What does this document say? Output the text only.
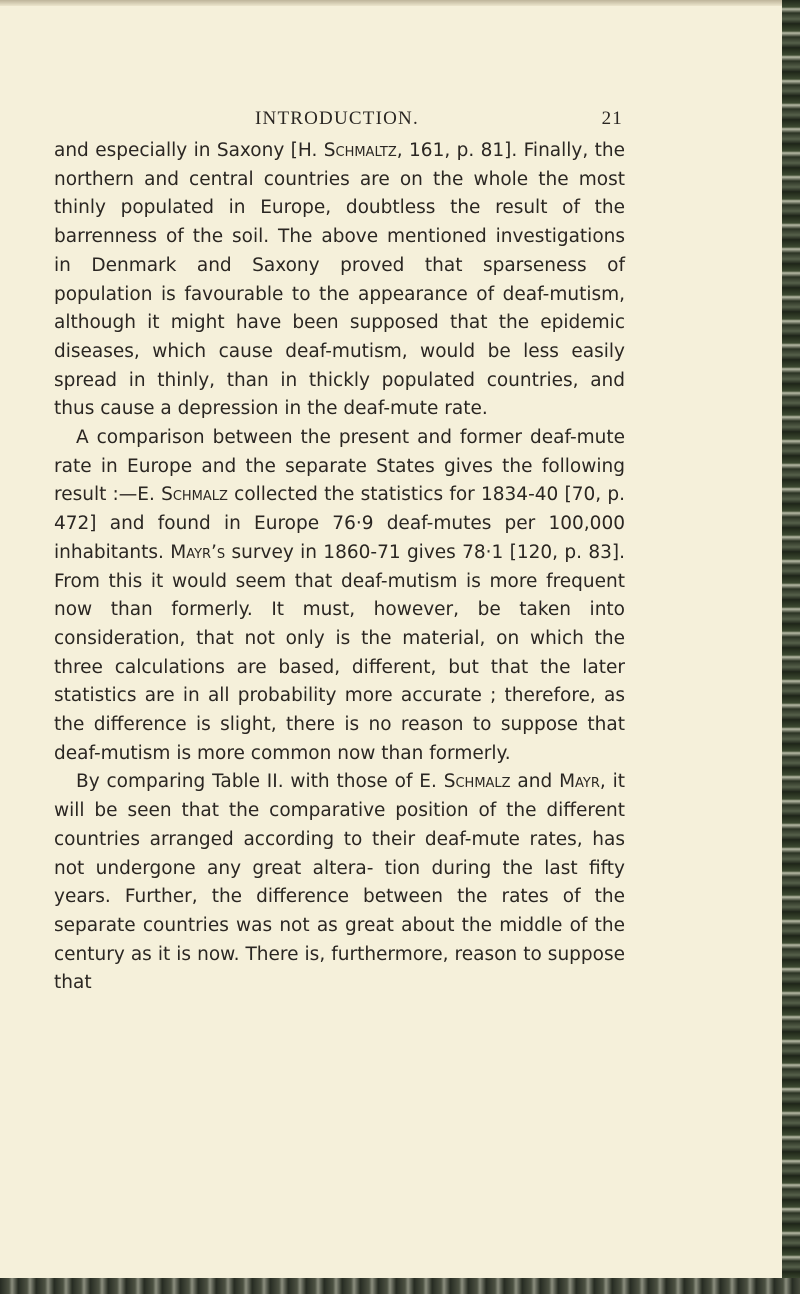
INTRODUCTION.	21

and especially in Saxony [H. Schmaltz, 161, p. 81]. Finally, the northern and central countries are on the whole the most thinly populated in Europe, doubtless the result of the barrenness of the soil. The above mentioned investigations in Denmark and Saxony proved that sparseness of population is favourable to the appearance of deaf-mutism, although it might have been supposed that the epidemic diseases, which cause deaf-mutism, would be less easily spread in thinly, than in thickly populated countries, and thus cause a depression in the deaf-mute rate.

A comparison between the present and former deaf-mute rate in Europe and the separate States gives the following result :—E. Schmalz collected the statistics for 1834-40 [70, p. 472] and found in Europe 76·9 deaf-mutes per 100,000 inhabitants. Mayr’s survey in 1860-71 gives 78·1 [120, p. 83]. From this it would seem that deaf-mutism is more frequent now than formerly. It must, however, be taken into consideration, that not only is the material, on which the three calculations are based, different, but that the later statistics are in all probability more accurate ; therefore, as the difference is slight, there is no reason to suppose that deaf-mutism is more common now than formerly.

By comparing Table II. with those of E. Schmalz and Mayr, it will be seen that the comparative position of the different countries arranged according to their deaf-mute rates, has not undergone any great altera- tion during the last fifty years. Further, the difference between the rates of the separate countries was not as great about the middle of the century as it is now. There is, furthermore, reason to suppose that
